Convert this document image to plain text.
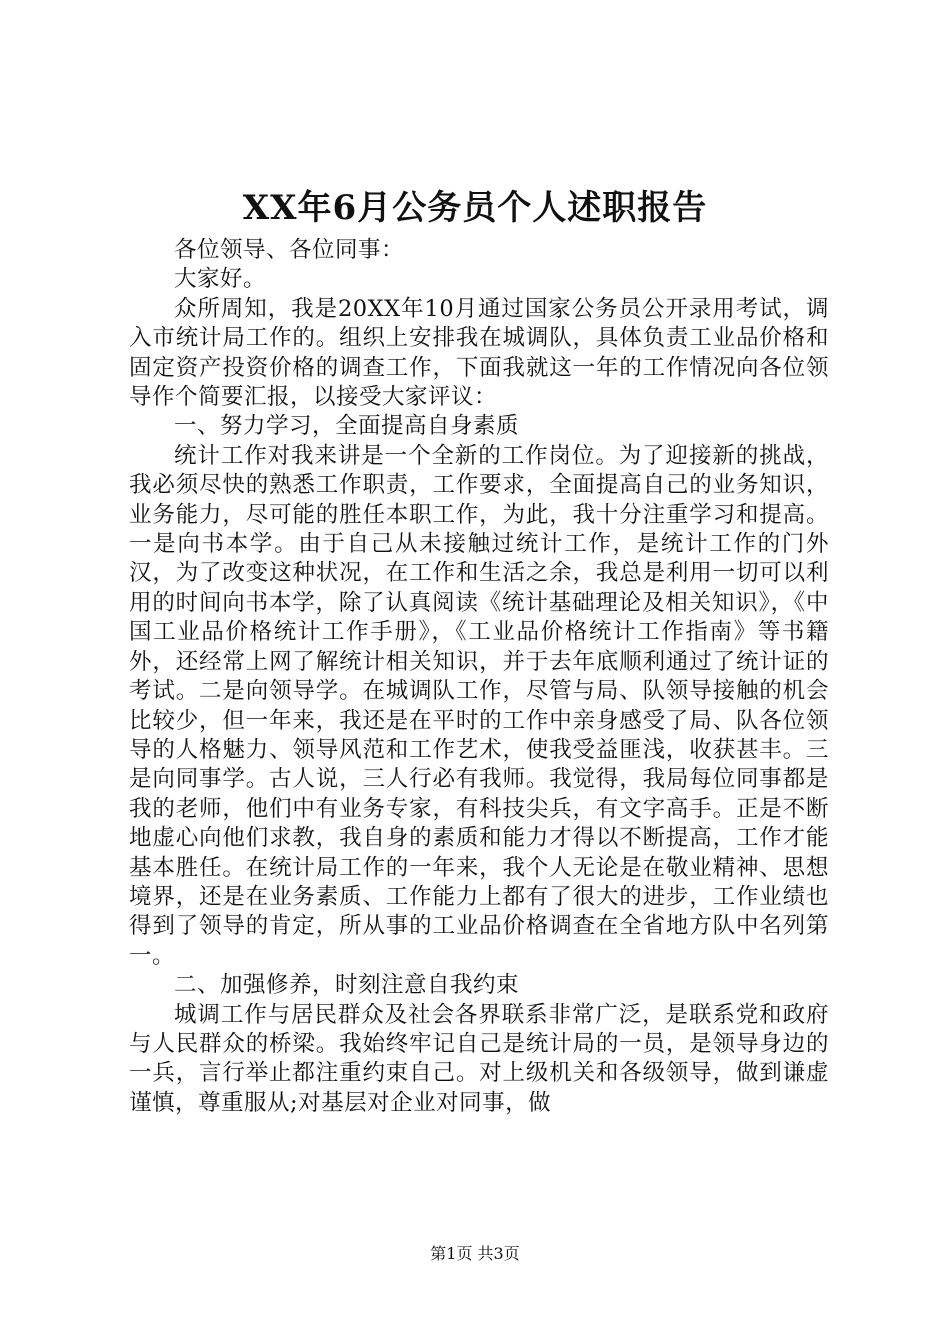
XX年6月公务员个人述职报告

各位领导、各位同事：

大家好。

众所周知，我是20XX年10月通过国家公务员公开录用考试，调入市统计局工作的。组织上安排我在城调队，具体负责工业品价格和固定资产投资价格的调查工作，下面我就这一年的工作情况向各位领导作个简要汇报，以接受大家评议：

一、努力学习，全面提高自身素质

统计工作对我来讲是一个全新的工作岗位。为了迎接新的挑战，我必须尽快的熟悉工作职责，工作要求，全面提高自己的业务知识，业务能力，尽可能的胜任本职工作，为此，我十分注重学习和提高。一是向书本学。由于自己从未接触过统计工作，是统计工作的门外汉，为了改变这种状况，在工作和生活之余，我总是利用一切可以利用的时间向书本学，除了认真阅读《统计基础理论及相关知识》，《中国工业品价格统计工作手册》，《工业品价格统计工作指南》等书籍外，还经常上网了解统计相关知识，并于去年底顺利通过了统计证的考试。二是向领导学。在城调队工作，尽管与局、队领导接触的机会比较少，但一年来，我还是在平时的工作中亲身感受了局、队各位领导的人格魅力、领导风范和工作艺术，使我受益匪浅，收获甚丰。三是向同事学。古人说，三人行必有我师。我觉得，我局每位同事都是我的老师，他们中有业务专家，有科技尖兵，有文字高手。正是不断地虚心向他们求教，我自身的素质和能力才得以不断提高，工作才能基本胜任。在统计局工作的一年来，我个人无论是在敬业精神、思想境界，还是在业务素质、工作能力上都有了很大的进步，工作业绩也得到了领导的肯定，所从事的工业品价格调查在全省地方队中名列第一。

二、加强修养，时刻注意自我约束

城调工作与居民群众及社会各界联系非常广泛，是联系党和政府与人民群众的桥梁。我始终牢记自己是统计局的一员，是领导身边的一兵，言行举止都注重约束自己。对上级机关和各级领导，做到谦虚谨慎，尊重服从;对基层对企业对同事，做

第1页 共3页
